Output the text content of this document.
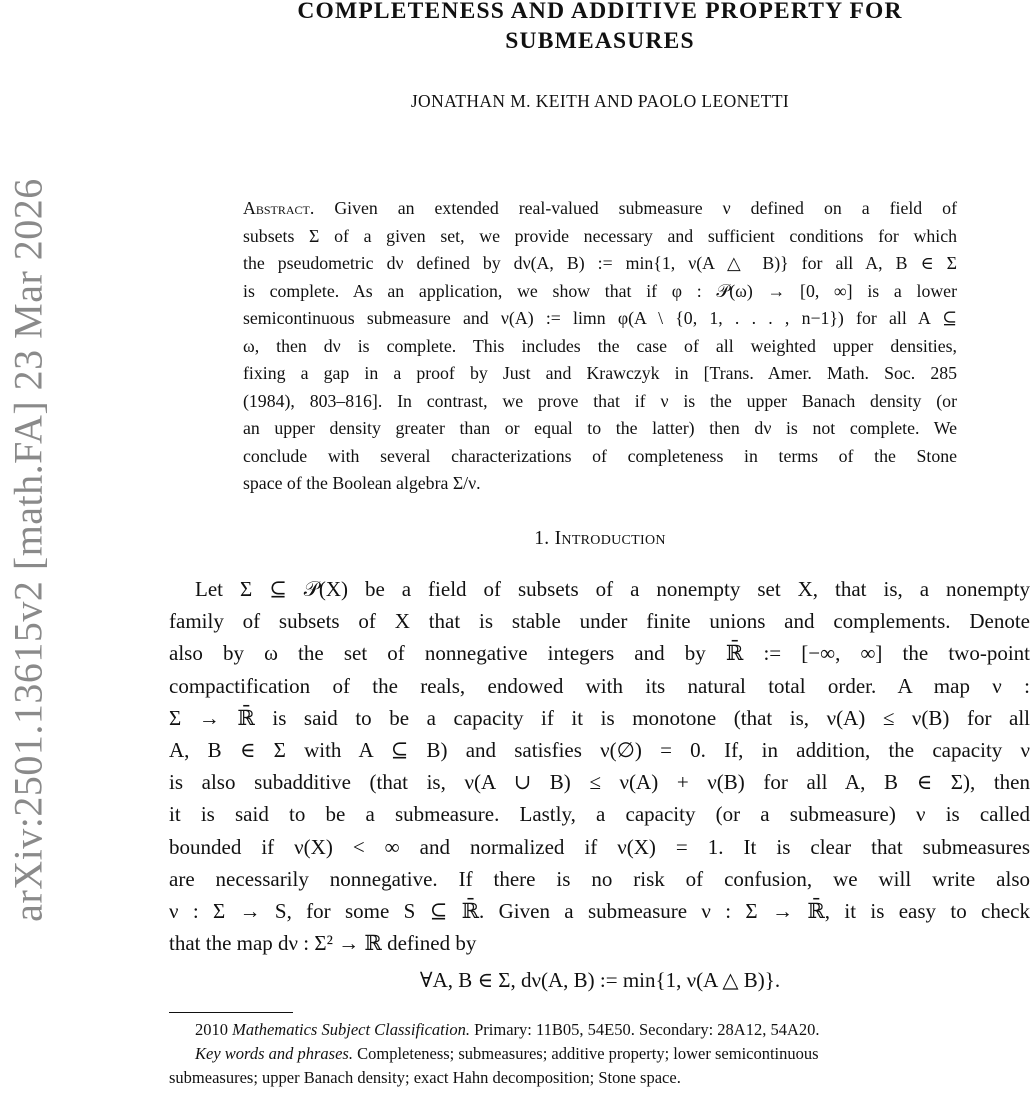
arXiv:2501.13615v2 [math.FA] 23 Mar 2026
COMPLETENESS AND ADDITIVE PROPERTY FOR
SUBMEASURES
JONATHAN M. KEITH AND PAOLO LEONETTI
Abstract. Given an extended real-valued submeasure ν defined on a field of
subsets Σ of a given set, we provide necessary and sufficient conditions for which
the pseudometric dν defined by dν(A, B) := min{1, ν(A △ B)} for all A, B ∈ Σ
is complete. As an application, we show that if φ : 𝒫(ω) → [0, ∞] is a lower
semicontinuous submeasure and ν(A) := limn φ(A \ {0, 1, . . . , n−1}) for all A ⊆
ω, then dν is complete. This includes the case of all weighted upper densities,
fixing a gap in a proof by Just and Krawczyk in [Trans. Amer. Math. Soc. 285
(1984), 803–816]. In contrast, we prove that if ν is the upper Banach density (or
an upper density greater than or equal to the latter) then dν is not complete. We
conclude with several characterizations of completeness in terms of the Stone
space of the Boolean algebra Σ/ν.
1. Introduction
Let Σ ⊆ 𝒫(X) be a field of subsets of a nonempty set X, that is, a nonempty
family of subsets of X that is stable under finite unions and complements. Denote
also by ω the set of nonnegative integers and by ℝ̄ := [−∞, ∞] the two-point
compactification of the reals, endowed with its natural total order. A map ν :
Σ → ℝ̄ is said to be a capacity if it is monotone (that is, ν(A) ≤ ν(B) for all
A, B ∈ Σ with A ⊆ B) and satisfies ν(∅) = 0. If, in addition, the capacity ν
is also subadditive (that is, ν(A ∪ B) ≤ ν(A) + ν(B) for all A, B ∈ Σ), then
it is said to be a submeasure. Lastly, a capacity (or a submeasure) ν is called
bounded if ν(X) < ∞ and normalized if ν(X) = 1. It is clear that submeasures
are necessarily nonnegative. If there is no risk of confusion, we will write also
ν : Σ → S, for some S ⊆ ℝ̄. Given a submeasure ν : Σ → ℝ̄, it is easy to check
that the map dν : Σ² → ℝ defined by
∀A, B ∈ Σ, dν(A, B) := min{1, ν(A △ B)}.
2010 Mathematics Subject Classification. Primary: 11B05, 54E50. Secondary: 28A12, 54A20.
Key words and phrases. Completeness; submeasures; additive property; lower semicontinuous
submeasures; upper Banach density; exact Hahn decomposition; Stone space.
